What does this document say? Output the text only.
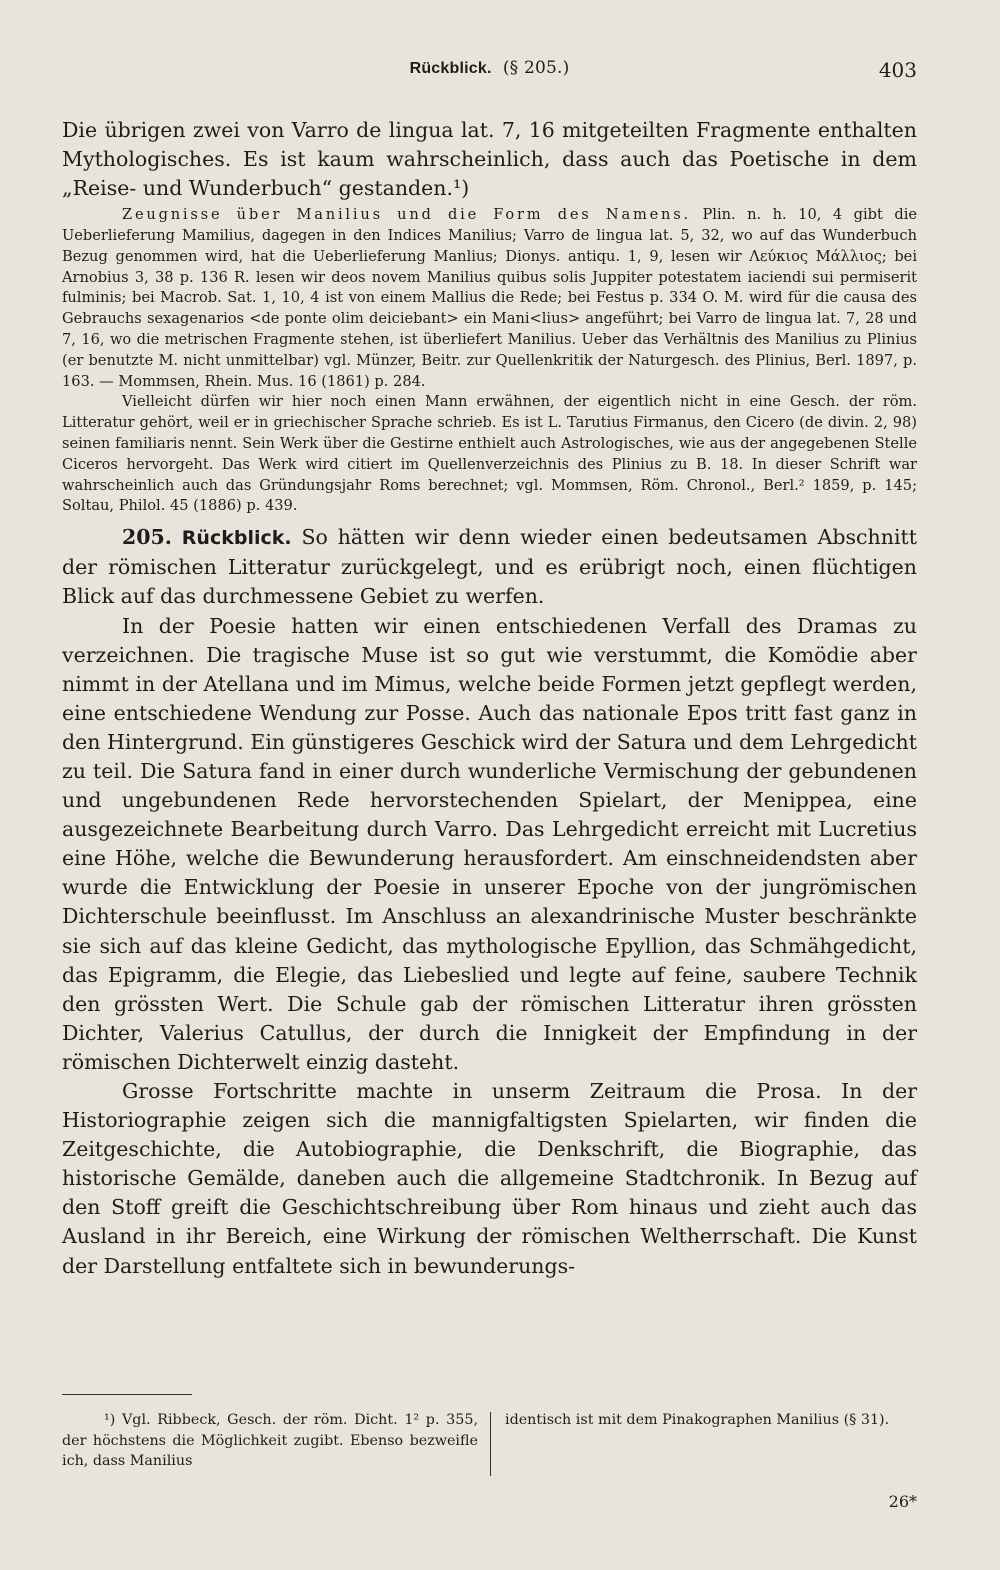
Rückblick. (§ 205.)	403

Die übrigen zwei von Varro de lingua lat. 7, 16 mitgeteilten Fragmente enthalten Mythologisches. Es ist kaum wahrscheinlich, dass auch das Poetische in dem „Reise- und Wunderbuch“ gestanden.¹)

Zeugnisse über Manilius und die Form des Namens. Plin. n. h. 10, 4 gibt die Ueberlieferung Mamilius, dagegen in den Indices Manilius; Varro de lingua lat. 5, 32, wo auf das Wunderbuch Bezug genommen wird, hat die Ueberlieferung Manlius; Dionys. antiqu. 1, 9, lesen wir Λεύκιος Μάλλιος; bei Arnobius 3, 38 p. 136 R. lesen wir deos novem Manilius quibus solis Juppiter potestatem iaciendi sui permiserit fulminis; bei Macrob. Sat. 1, 10, 4 ist von einem Mallius die Rede; bei Festus p. 334 O. M. wird für die causa des Gebrauchs sexagenarios <de ponte olim deiciebant> ein Mani<lius> angeführt; bei Varro de lingua lat. 7, 28 und 7, 16, wo die metrischen Fragmente stehen, ist überliefert Manilius. Ueber das Verhältnis des Manilius zu Plinius (er benutzte M. nicht unmittelbar) vgl. Münzer, Beitr. zur Quellenkritik der Naturgesch. des Plinius, Berl. 1897, p. 163. — Mommsen, Rhein. Mus. 16 (1861) p. 284.

Vielleicht dürfen wir hier noch einen Mann erwähnen, der eigentlich nicht in eine Gesch. der röm. Litteratur gehört, weil er in griechischer Sprache schrieb. Es ist L. Tarutius Firmanus, den Cicero (de divin. 2, 98) seinen familiaris nennt. Sein Werk über die Gestirne enthielt auch Astrologisches, wie aus der angegebenen Stelle Ciceros hervorgeht. Das Werk wird citiert im Quellenverzeichnis des Plinius zu B. 18. In dieser Schrift war wahrscheinlich auch das Gründungsjahr Roms berechnet; vgl. Mommsen, Röm. Chronol., Berl.² 1859, p. 145; Soltau, Philol. 45 (1886) p. 439.

205. Rückblick. So hätten wir denn wieder einen bedeutsamen Abschnitt der römischen Litteratur zurückgelegt, und es erübrigt noch, einen flüchtigen Blick auf das durchmessene Gebiet zu werfen.

In der Poesie hatten wir einen entschiedenen Verfall des Dramas zu verzeichnen. Die tragische Muse ist so gut wie verstummt, die Komödie aber nimmt in der Atellana und im Mimus, welche beide Formen jetzt gepflegt werden, eine entschiedene Wendung zur Posse. Auch das nationale Epos tritt fast ganz in den Hintergrund. Ein günstigeres Geschick wird der Satura und dem Lehrgedicht zu teil. Die Satura fand in einer durch wunderliche Vermischung der gebundenen und ungebundenen Rede hervorstechenden Spielart, der Menippea, eine ausgezeichnete Bearbeitung durch Varro. Das Lehrgedicht erreicht mit Lucretius eine Höhe, welche die Bewunderung herausfordert. Am einschneidendsten aber wurde die Entwicklung der Poesie in unserer Epoche von der jungrömischen Dichterschule beeinflusst. Im Anschluss an alexandrinische Muster beschränkte sie sich auf das kleine Gedicht, das mythologische Epyllion, das Schmähgedicht, das Epigramm, die Elegie, das Liebeslied und legte auf feine, saubere Technik den grössten Wert. Die Schule gab der römischen Litteratur ihren grössten Dichter, Valerius Catullus, der durch die Innigkeit der Empfindung in der römischen Dichterwelt einzig dasteht.

Grosse Fortschritte machte in unserm Zeitraum die Prosa. In der Historiographie zeigen sich die mannigfaltigsten Spielarten, wir finden die Zeitgeschichte, die Autobiographie, die Denkschrift, die Biographie, das historische Gemälde, daneben auch die allgemeine Stadtchronik. In Bezug auf den Stoff greift die Geschichtschreibung über Rom hinaus und zieht auch das Ausland in ihr Bereich, eine Wirkung der römischen Weltherrschaft. Die Kunst der Darstellung entfaltete sich in bewunderungs-

¹) Vgl. Ribbeck, Gesch. der röm. Dicht. 1² p. 355, der höchstens die Möglichkeit zugibt. Ebenso bezweifle ich, dass Manilius
identisch ist mit dem Pinakographen Manilius (§ 31).
26*
